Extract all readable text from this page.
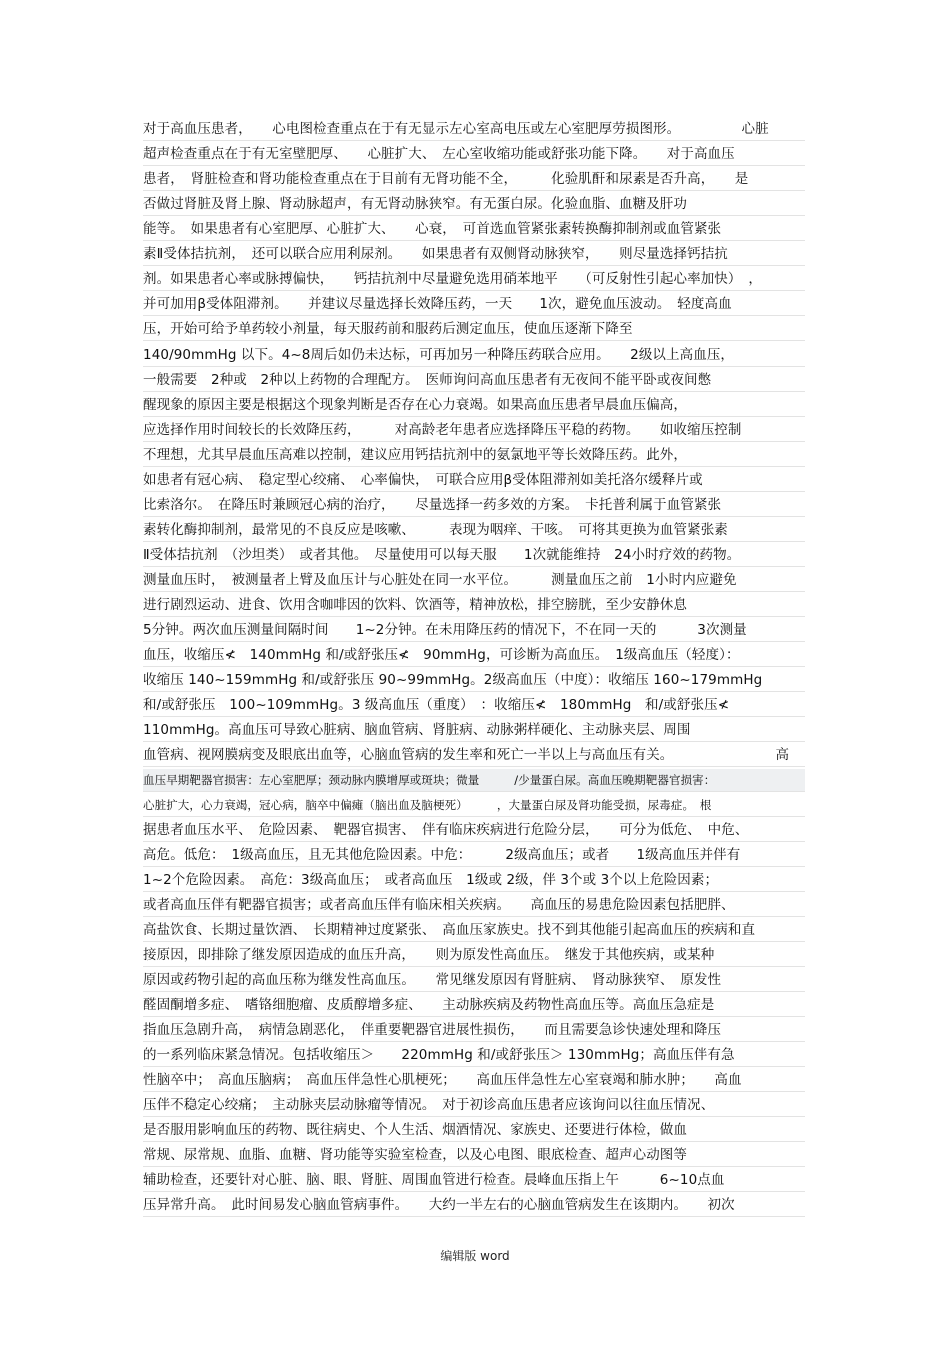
对于高血压患者，　　心电图检查重点在于有无显示左心室高电压或左心室肥厚劳损图形。　　　　　心脏
超声检查重点在于有无室壁肥厚、　　心脏扩大、　左心室收缩功能或舒张功能下降。　　对于高血压
患者，　肾脏检查和肾功能检查重点在于目前有无肾功能不全，　　　化验肌酐和尿素是否升高，　　是
否做过肾脏及肾上腺、肾动脉超声，有无肾动脉狭窄。有无蛋白尿。化验血脂、血糖及肝功
能等。　如果患者有心室肥厚、心脏扩大、　　心衰，　可首选血管紧张素转换酶抑制剂或血管紧张
素Ⅱ受体拮抗剂，　还可以联合应用利尿剂。　　如果患者有双侧肾动脉狭窄，　　则尽量选择钙拮抗
剂。如果患者心率或脉搏偏快，　　钙拮抗剂中尽量避免选用硝苯地平　　（可反射性引起心率加快）　，
并可加用β受体阻滞剂。　　并建议尽量选择长效降压药，一天　　1次，避免血压波动。　轻度高血
压，开始可给予单药较小剂量，每天服药前和服药后测定血压，使血压逐渐下降至
140/90mmHg 以下。4~8周后如仍未达标，可再加另一种降压药联合应用。　　2级以上高血压，
一般需要　2种或　2种以上药物的合理配方。　医师询问高血压患者有无夜间不能平卧或夜间憋
醒现象的原因主要是根据这个现象判断是否存在心力衰竭。如果高血压患者早晨血压偏高，
应选择作用时间较长的长效降压药，　　　对高龄老年患者应选择降压平稳的药物。　　如收缩压控制
不理想，尤其早晨血压高难以控制，建议应用钙拮抗剂中的氨氯地平等长效降压药。此外，
如患者有冠心病、　稳定型心绞痛、　心率偏快，　可联合应用β受体阻滞剂如美托洛尔缓释片或
比索洛尔。　在降压时兼顾冠心病的治疗，　　尽量选择一药多效的方案。　卡托普利属于血管紧张
素转化酶抑制剂，最常见的不良反应是咳嗽、　　　表现为咽痒、干咳。　可将其更换为血管紧张素
Ⅱ受体拮抗剂　（沙坦类）　或者其他。　尽量使用可以每天服　　1次就能维持　24小时疗效的药物。
测量血压时，　被测量者上臂及血压计与心脏处在同一水平位。　　　测量血压之前　1小时内应避免
进行剧烈运动、进食、饮用含咖啡因的饮料、饮酒等，精神放松，排空膀胱，至少安静休息
5分钟。两次血压测量间隔时间　　1~2分钟。在未用降压药的情况下，不在同一天的　　　3次测量
血压，收缩压≮　140mmHg 和/或舒张压≮　90mmHg，可诊断为高血压。　1级高血压（轻度）：
收缩压 140~159mmHg 和/或舒张压 90~99mmHg。2级高血压（中度）：收缩压 160~179mmHg
和/或舒张压　100~109mmHg。3 级高血压（重度）　：收缩压≮　180mmHg　和/或舒张压≮
110mmHg。高血压可导致心脏病、脑血管病、肾脏病、动脉粥样硬化、主动脉夹层、周围
血管病、视网膜病变及眼底出血等，心脑血管病的发生率和死亡一半以上与高血压有关。　　　　　　　　高
血压早期靶器官损害：左心室肥厚；颈动脉内膜增厚或斑块；微量　　　/少量蛋白尿。高血压晚期靶器官损害：
心脏扩大，心力衰竭，冠心病，脑卒中偏瘫（脑出血及脑梗死）　　　，大量蛋白尿及肾功能受损，尿毒症。　根
据患者血压水平、　危险因素、　靶器官损害、　伴有临床疾病进行危险分层，　　可分为低危、　中危、
高危。低危：　1级高血压，且无其他危险因素。中危：　　　2级高血压；或者　　1级高血压并伴有
1~2个危险因素。　高危：3级高血压；　或者高血压　1级或 2级，伴 3个或 3个以上危险因素；
或者高血压伴有靶器官损害；或者高血压伴有临床相关疾病。　　高血压的易患危险因素包括肥胖、
高盐饮食、长期过量饮酒、　长期精神过度紧张、　高血压家族史。找不到其他能引起高血压的疾病和直
接原因，即排除了继发原因造成的血压升高，　　则为原发性高血压。　继发于其他疾病，或某种
原因或药物引起的高血压称为继发性高血压。　　常见继发原因有肾脏病、　肾动脉狭窄、　原发性
醛固酮增多症、　嗜铬细胞瘤、皮质醇增多症、　　主动脉疾病及药物性高血压等。高血压急症是
指血压急剧升高，　病情急剧恶化，　伴重要靶器官进展性损伤，　　而且需要急诊快速处理和降压
的一系列临床紧急情况。包括收缩压＞　　220mmHg 和/或舒张压＞ 130mmHg；高血压伴有急
性脑卒中；　高血压脑病；　高血压伴急性心肌梗死；　　高血压伴急性左心室衰竭和肺水肿；　　高血
压伴不稳定心绞痛；　主动脉夹层动脉瘤等情况。　对于初诊高血压患者应该询问以往血压情况、
是否服用影响血压的药物、既往病史、个人生活、烟酒情况、家族史、还要进行体检，做血
常规、尿常规、血脂、血糖、肾功能等实验室检查，以及心电图、眼底检查、超声心动图等
辅助检查，还要针对心脏、脑、眼、肾脏、周围血管进行检查。晨峰血压指上午　　　6~10点血
压异常升高。　此时间易发心脑血管病事件。　　大约一半左右的心脑血管病发生在该期内。　　初次
编辑版 word
